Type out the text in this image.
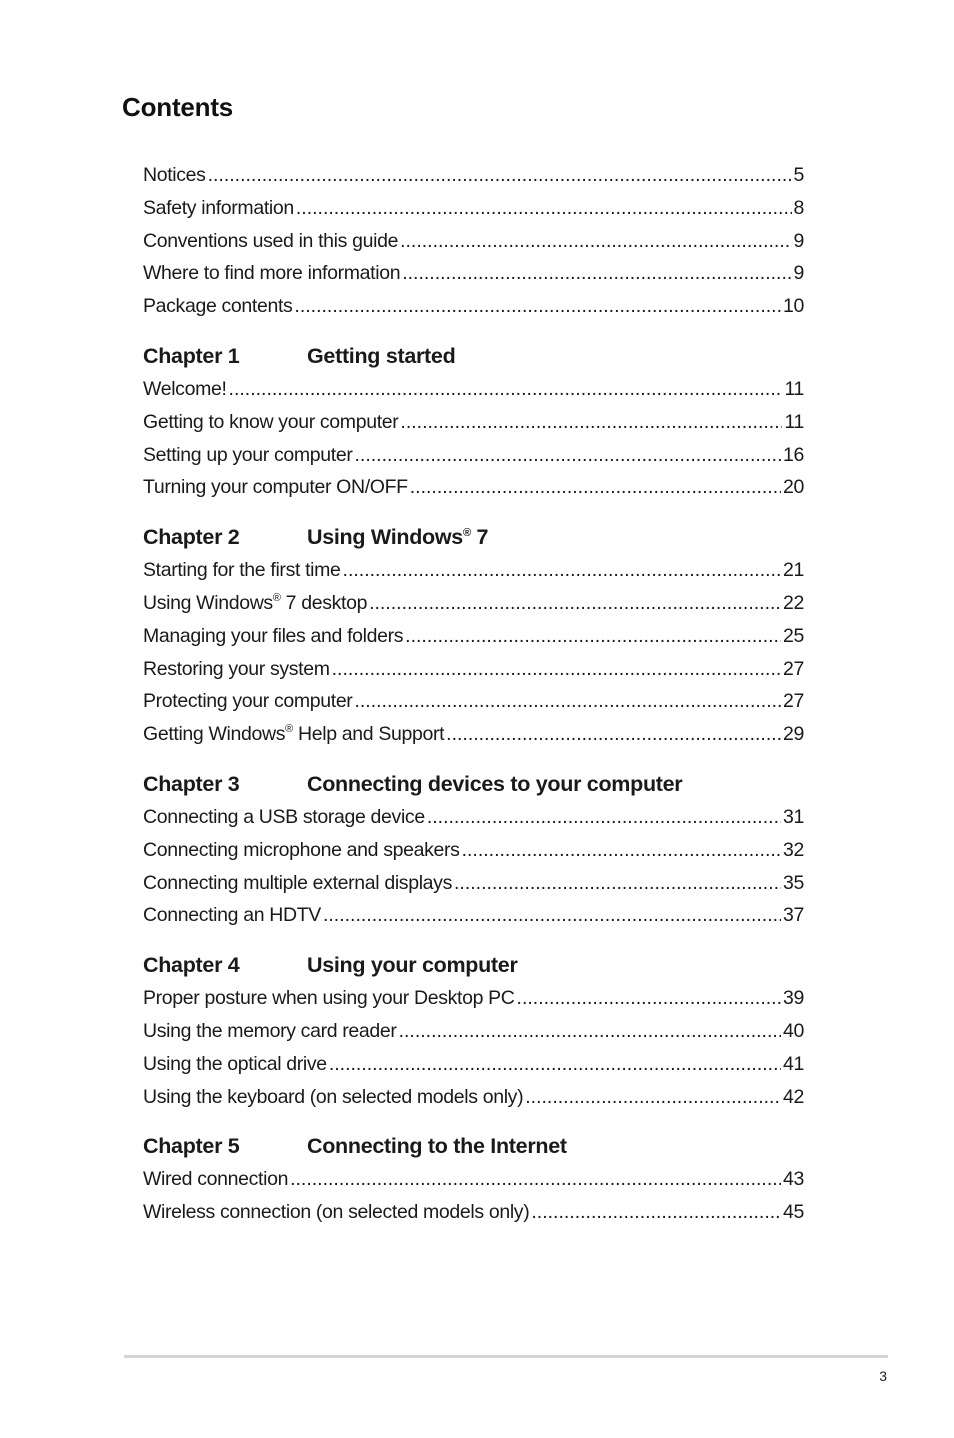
Contents
Notices .....	5
Safety information .....	8
Conventions used in this guide .....	9
Where to find more information .....	9
Package contents .....	10
Chapter 1	Getting started
Welcome! .....	11
Getting to know your computer .....	11
Setting up your computer .....	16
Turning your computer ON/OFF .....	20
Chapter 2	Using Windows® 7
Starting for the first time .....	21
Using Windows® 7 desktop .....	22
Managing your files and folders .....	25
Restoring your system .....	27
Protecting your computer .....	27
Getting Windows® Help and Support .....	29
Chapter 3	Connecting devices to your computer
Connecting a USB storage device .....	31
Connecting microphone and speakers .....	32
Connecting multiple external displays .....	35
Connecting an HDTV .....	37
Chapter 4	Using your computer
Proper posture when using your Desktop PC .....	39
Using the memory card reader .....	40
Using the optical drive .....	41
Using the keyboard (on selected models only) .....	42
Chapter 5	Connecting to the Internet
Wired connection .....	43
Wireless connection (on selected models only) .....	45
3
